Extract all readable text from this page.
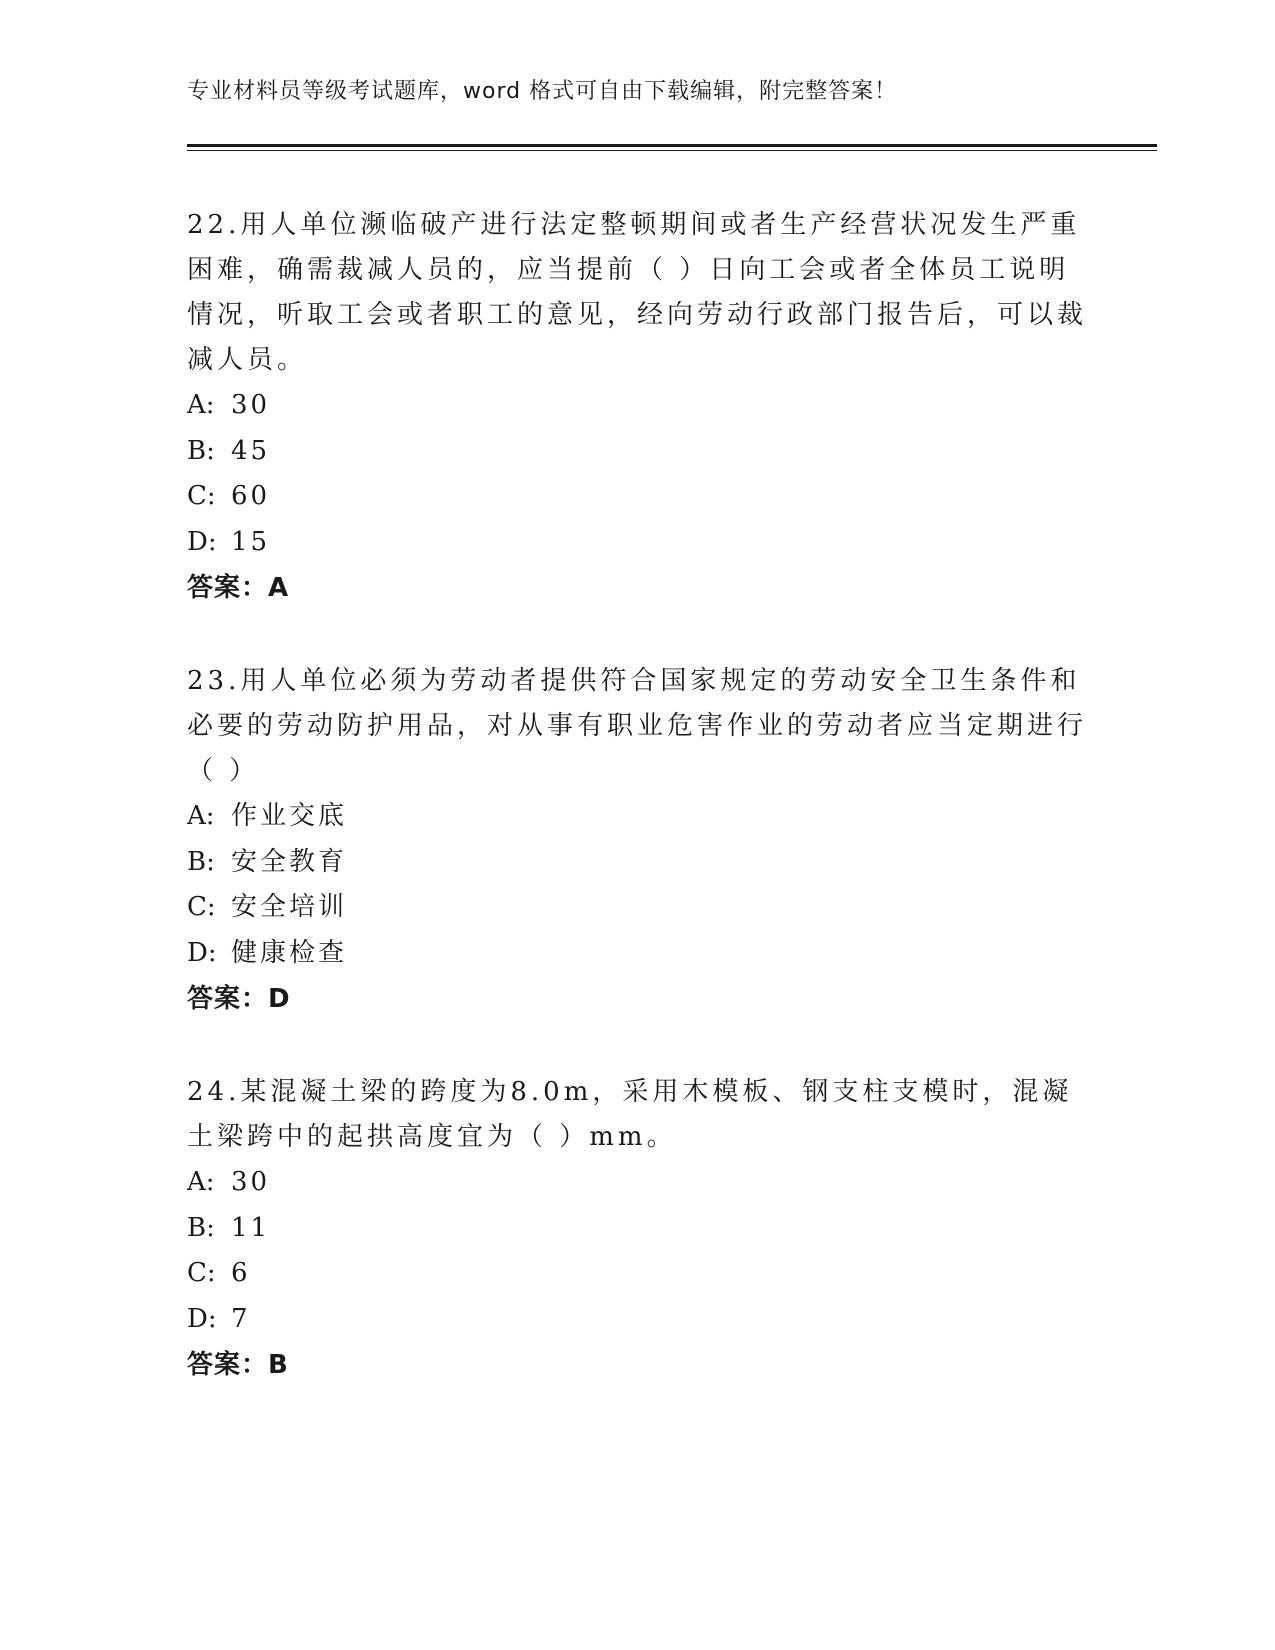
专业材料员等级考试题库，word 格式可自由下载编辑，附完整答案！

22.用人单位濒临破产进行法定整顿期间或者生产经营状况发生严重困难，确需裁减人员的，应当提前（ ）日向工会或者全体员工说明情况，听取工会或者职工的意见，经向劳动行政部门报告后，可以裁减人员。

A: 30

B: 45

C: 60

D: 15

答案：A

23.用人单位必须为劳动者提供符合国家规定的劳动安全卫生条件和必要的劳动防护用品，对从事有职业危害作业的劳动者应当定期进行（ ）

A: 作业交底

B: 安全教育

C: 安全培训

D: 健康检查

答案：D

24.某混凝土梁的跨度为8.0m，采用木模板、钢支柱支模时，混凝土梁跨中的起拱高度宜为（ ）mm。

A: 30

B: 11

C: 6

D: 7

答案：B
